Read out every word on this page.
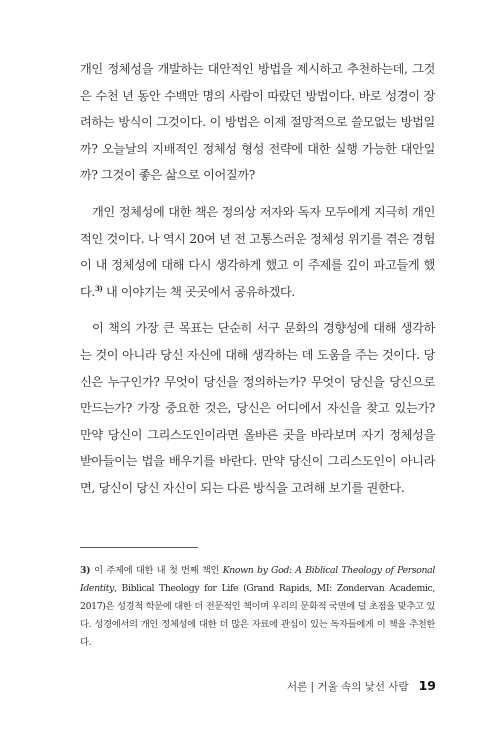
개인 정체성을 개발하는 대안적인 방법을 제시하고 추천하는데, 그것은 수천 년 동안 수백만 명의 사람이 따랐던 방법이다. 바로 성경이 장려하는 방식이 그것이다. 이 방법은 이제 절망적으로 쓸모없는 방법일까? 오늘날의 지배적인 정체성 형성 전략에 대한 실행 가능한 대안일까? 그것이 좋은 삶으로 이어질까?

개인 정체성에 대한 책은 정의상 저자와 독자 모두에게 지극히 개인적인 것이다. 나 역시 20여 년 전 고통스러운 정체성 위기를 겪은 경험이 내 정체성에 대해 다시 생각하게 했고 이 주제를 깊이 파고들게 했다.$^{3)}$ 내 이야기는 책 곳곳에서 공유하겠다.

이 책의 가장 큰 목표는 단순히 서구 문화의 경향성에 대해 생각하는 것이 아니라 당신 자신에 대해 생각하는 데 도움을 주는 것이다. 당신은 누구인가? 무엇이 당신을 정의하는가? 무엇이 당신을 당신으로 만드는가? 가장 중요한 것은, 당신은 어디에서 자신을 찾고 있는가? 만약 당신이 그리스도인이라면 올바른 곳을 바라보며 자기 정체성을 받아들이는 법을 배우기를 바란다. 만약 당신이 그리스도인이 아니라면, 당신이 당신 자신이 되는 다른 방식을 고려해 보기를 권한다.

3) 이 주제에 대한 내 첫 번째 책인 Known by God: A Biblical Theology of Personal Identity, Biblical Theology for Life (Grand Rapids, MI: Zondervan Academic, 2017)은 성경적 학문에 대한 더 전문적인 책이며 우리의 문화적 국면에 덜 초점을 맞추고 있다. 성경에서의 개인 정체성에 대한 더 많은 자료에 관심이 있는 독자들에게 이 책을 추천한다.

서론 | 거울 속의 낯선 사람 19
